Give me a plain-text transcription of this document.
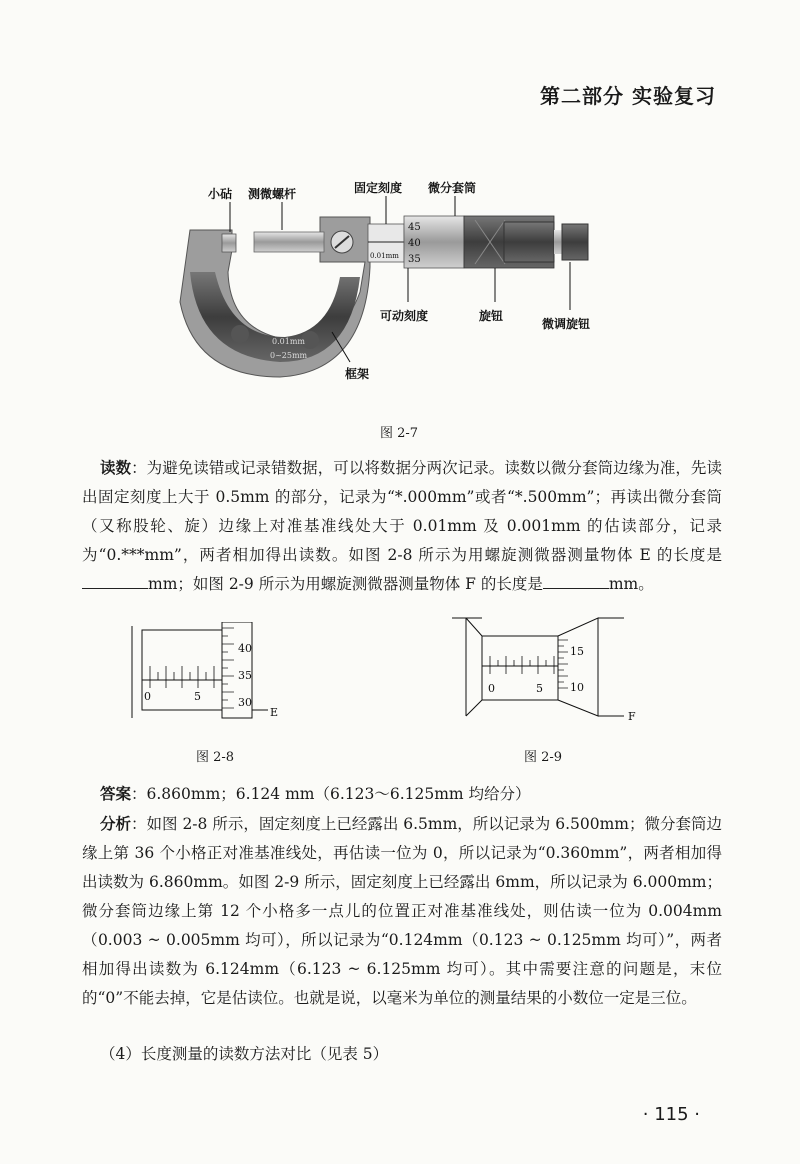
第二部分 实验复习
0.01mm
0~25mm
0.01mm
45
40
35
小砧 测微螺杆	固定刻度 微分套筒
可动刻度	旋钮
微调旋钮
框架
图 2-7
读数：为避免读错或记录错数据，可以将数据分两次记录。读数以微分套筒边缘为准，先读出固定刻度上大于 0.5mm 的部分，记录为“*.000mm”或者“*.500mm”；再读出微分套筒（又称股轮、旋）边缘上对准基准线处大于 0.01mm 及 0.001mm 的估读部分，记录为“0.***mm”，两者相加得出读数。如图 2-8 所示为用螺旋测微器测量物体 E 的长度是mm；如图 2-9 所示为用螺旋测微器测量物体 F 的长度是	mm。
40
35
30
0	5
E
图 2-8
15
10
0	5
F
图 2-9
答案：6.860mm；6.124 mm（6.123～6.125mm 均给分）
分析：如图 2-8 所示，固定刻度上已经露出 6.5mm，所以记录为 6.500mm；微分套筒边缘上第 36 个小格正对准基准线处，再估读一位为 0，所以记录为“0.360mm”，两者相加得出读数为 6.860mm。如图 2-9 所示，固定刻度上已经露出 6mm，所以记录为 6.000mm；微分套筒边缘上第 12 个小格多一点儿的位置正对准基准线处，则估读一位为 0.004mm（0.003 ~ 0.005mm 均可），所以记录为“0.124mm（0.123 ~ 0.125mm 均可）”，两者相加得出读数为 6.124mm（6.123 ~ 6.125mm 均可）。其中需要注意的问题是，末位的“0”不能去掉，它是估读位。也就是说，以毫米为单位的测量结果的小数位一定是三位。
（4）长度测量的读数方法对比（见表 5）
· 115 ·
